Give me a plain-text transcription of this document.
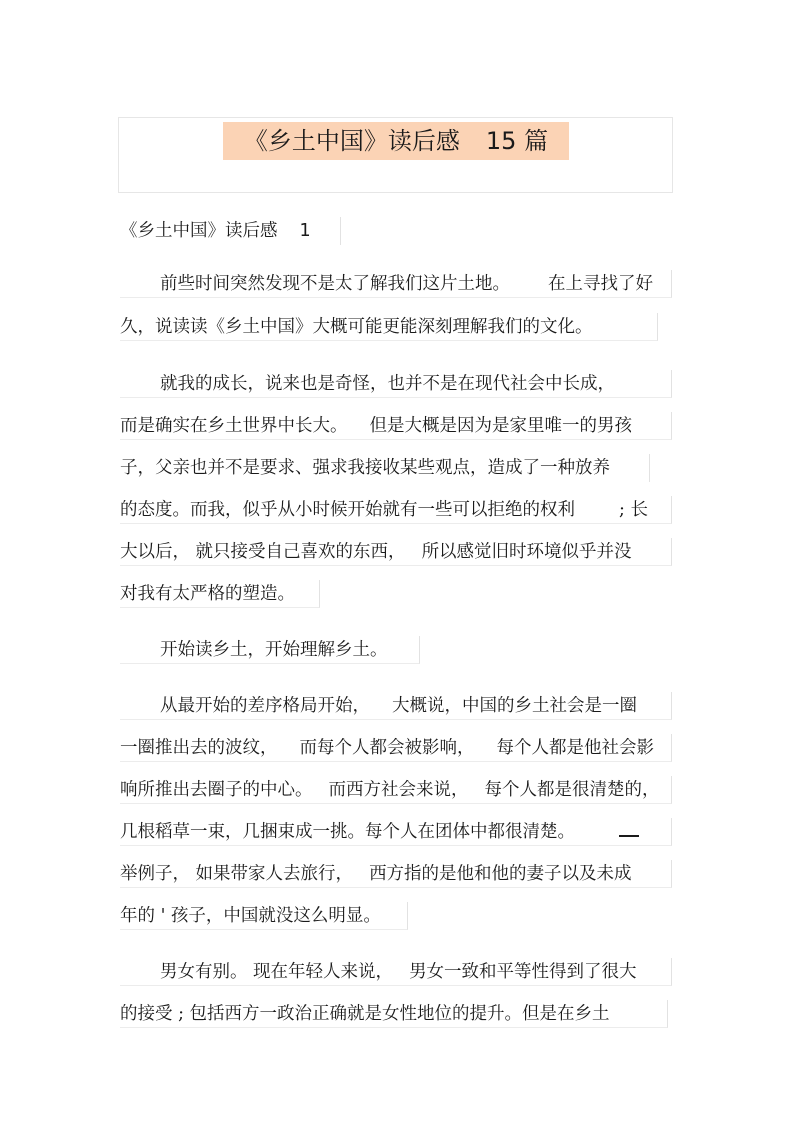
《乡土中国》读后感 15 篇
《乡土中国》读后感 1
前些时间突然发现不是太了解我们这片土地。 在上寻找了好
久，说读读《乡土中国》大概可能更能深刻理解我们的文化。
就我的成长，说来也是奇怪，也并不是在现代社会中长成，
而是确实在乡土世界中长大。 但是大概是因为是家里唯一的男孩
子，父亲也并不是要求、强求我接收某些观点，造成了一种放养
的态度。而我，似乎从小时候开始就有一些可以拒绝的权利	; 长
大以后， 就只接受自己喜欢的东西， 所以感觉旧时环境似乎并没
对我有太严格的塑造。
开始读乡土，开始理解乡土。
从最开始的差序格局开始， 大概说，中国的乡土社会是一圈
一圈推出去的波纹， 而每个人都会被影响， 每个人都是他社会影
响所推出去圈子的中心。 而西方社会来说， 每个人都是很清楚的，
几根稻草一束，几捆束成一挑。每个人在团体中都很清楚。
举例子， 如果带家人去旅行， 西方指的是他和他的妻子以及未成
年的 ' 孩子，中国就没这么明显。
男女有别。 现在年轻人来说， 男女一致和平等性得到了很大
的接受 ; 包括西方一政治正确就是女性地位的提升。但是在乡土
